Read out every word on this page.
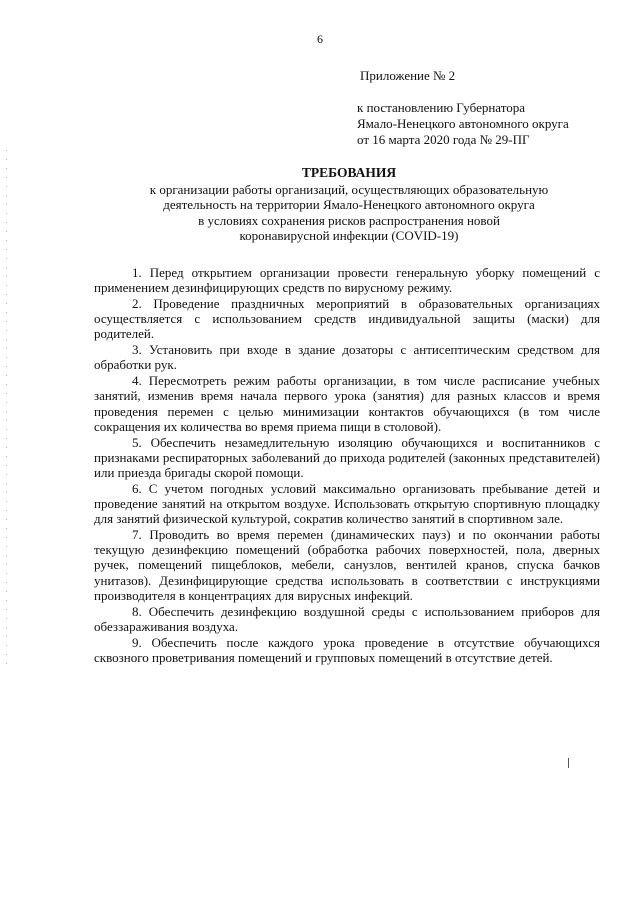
6
Приложение № 2
к постановлению Губернатора
Ямало-Ненецкого автономного округа
от 16 марта 2020 года № 29-ПГ
ТРЕБОВАНИЯ
к организации работы организаций, осуществляющих образовательную
деятельность на территории Ямало-Ненецкого автономного округа
в условиях сохранения рисков распространения новой
коронавирусной инфекции (COVID-19)

1. Перед открытием организации провести генеральную уборку помещений с применением дезинфицирующих средств по вирусному режиму.

2. Проведение праздничных мероприятий в образовательных организациях осуществляется с использованием средств индивидуальной защиты (маски) для родителей.

3. Установить при входе в здание дозаторы с антисептическим средством для обработки рук.

4. Пересмотреть режим работы организации, в том числе расписание учебных занятий, изменив время начала первого урока (занятия) для разных классов и время проведения перемен с целью минимизации контактов обучающихся (в том числе сокращения их количества во время приема пищи в столовой).

5. Обеспечить незамедлительную изоляцию обучающихся и воспитанников с признаками респираторных заболеваний до прихода родителей (законных представителей) или приезда бригады скорой помощи.

6. С учетом погодных условий максимально организовать пребывание детей и проведение занятий на открытом воздухе. Использовать открытую спортивную площадку для занятий физической культурой, сократив количество занятий в спортивном зале.

7. Проводить во время перемен (динамических пауз) и по окончании работы текущую дезинфекцию помещений (обработка рабочих поверхностей, пола, дверных ручек, помещений пищеблоков, мебели, санузлов, вентилей кранов, спуска бачков унитазов). Дезинфицирующие средства использовать в соответствии с инструкциями производителя в концентрациях для вирусных инфекций.

8. Обеспечить дезинфекцию воздушной среды с использованием приборов для обеззараживания воздуха.

9. Обеспечить после каждого урока проведение в отсутствие обучающихся сквозного проветривания помещений и групповых помещений в отсутствие детей.
